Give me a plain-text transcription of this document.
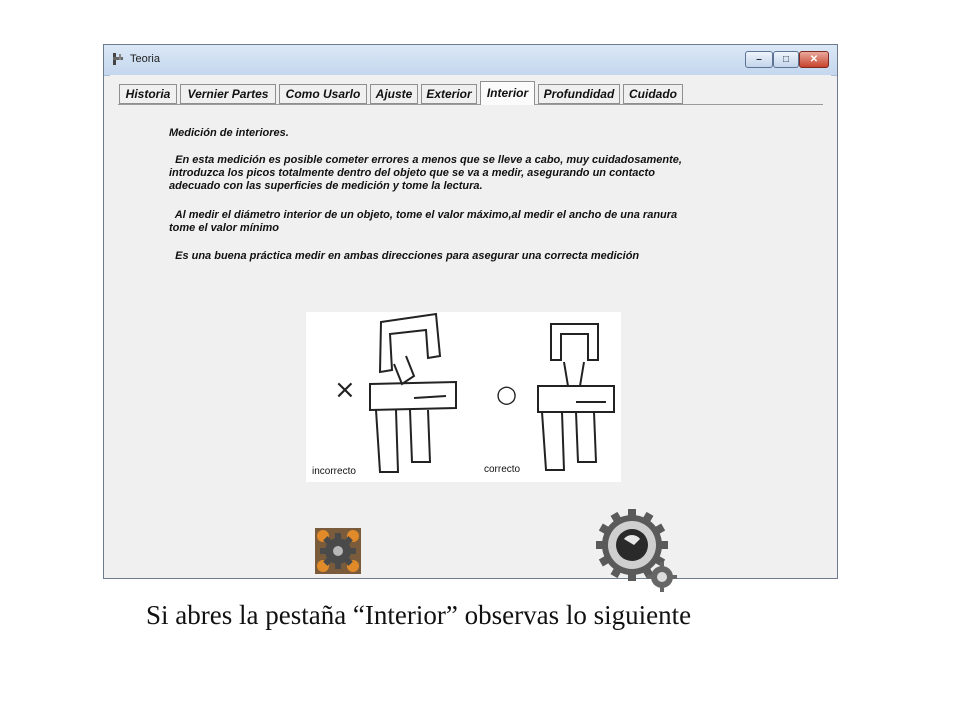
Teoria	–	□	✕
Historia	Vernier Partes	Como Usarlo	Ajuste	Exterior	Interior	Profundidad	Cuidado
Medición de interiores.
En esta medición es posible cometer errores a menos que se lleve a cabo, muy cuidadosamente,
introduzca los picos totalmente dentro del objeto que se va a medir, asegurando un contacto
adecuado con las superficies de medición y tome la lectura.
Al medir el diámetro interior de un objeto, tome el valor máximo,al medir el ancho de una ranura
tome el valor mínimo
Es una buena práctica medir en ambas direcciones para asegurar una correcta medición
×	○
incorrecto	correcto
Si abres la pestaña “Interior” observas lo siguiente
